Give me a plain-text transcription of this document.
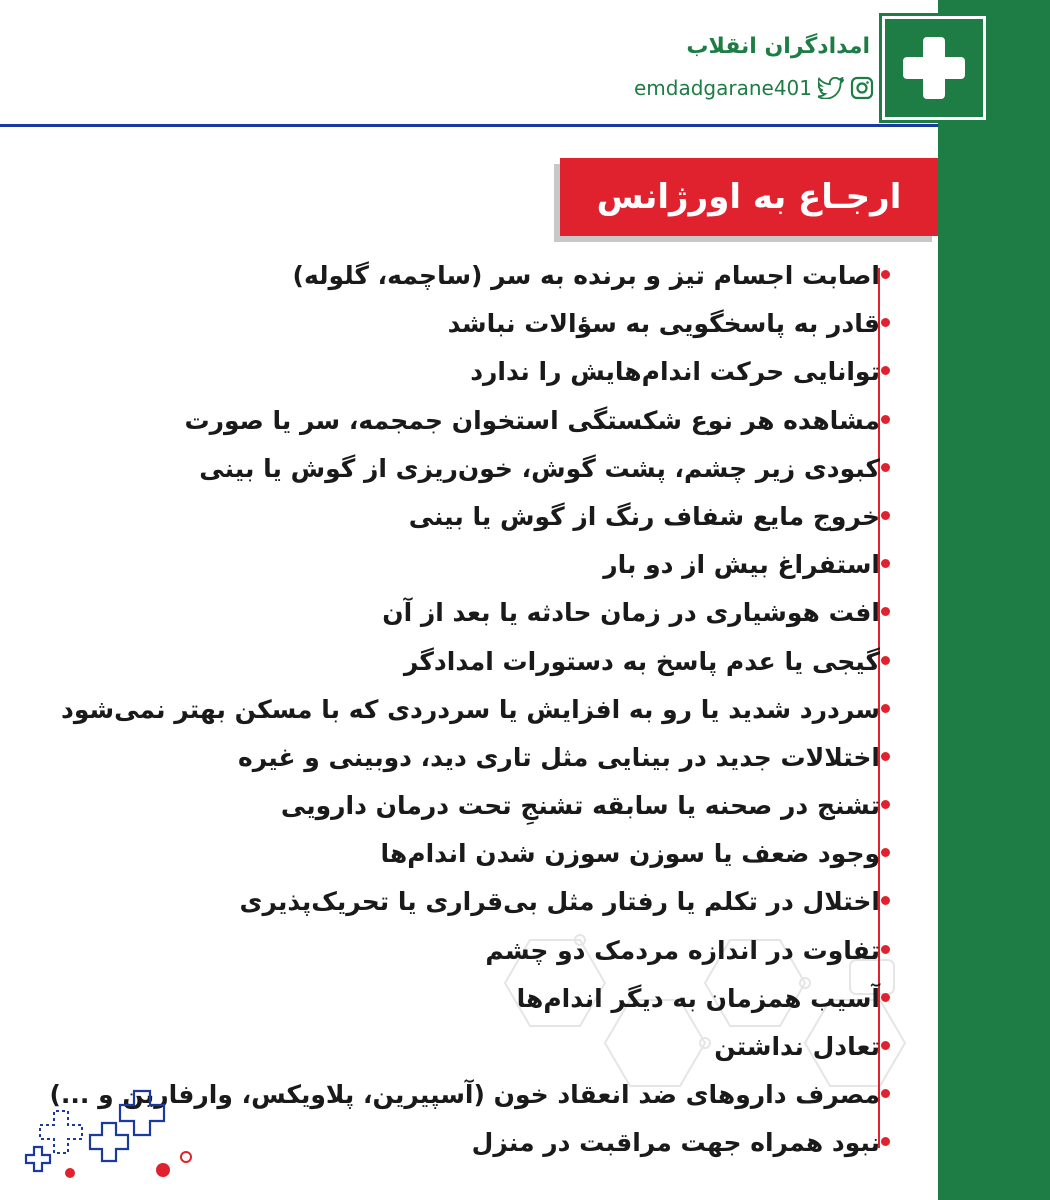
امدادگران انقلاب
emdadgarane401
ارجـاع به اورژانس
اصابت اجسام تیز و برنده به سر (ساچمه، گلوله)
قادر به پاسخگویی به سؤالات نباشد
توانایی حرکت اندام‌هایش را ندارد
مشاهده هر نوع شکستگی استخوان جمجمه، سر یا صورت
کبودی زیر چشم، پشت گوش، خون‌ریزی از گوش یا بینی
خروج مایع شفاف رنگ از گوش یا بینی
استفراغ بیش از دو بار
افت هوشیاری در زمان حادثه یا بعد از آن
گیجی یا عدم پاسخ به دستورات امدادگر
سردرد شدید یا رو به افزایش یا سردردی که با مسکن بهتر نمی‌شود
اختلالات جدید در بینایی مثل تاری دید، دوبینی و غیره
تشنج در صحنه یا سابقه تشنجِ تحت درمان دارویی
وجود ضعف یا سوزن سوزن شدن اندام‌ها
اختلال در تکلم یا رفتار مثل بی‌قراری یا تحریک‌پذیری
تفاوت در اندازه مردمک دو چشم
آسیب همزمان به دیگر اندام‌ها
تعادل نداشتن
مصرف داروهای ضد انعقاد خون (آسپیرین، پلاویکس، وارفارین و ...)
نبود همراه جهت مراقبت در منزل
